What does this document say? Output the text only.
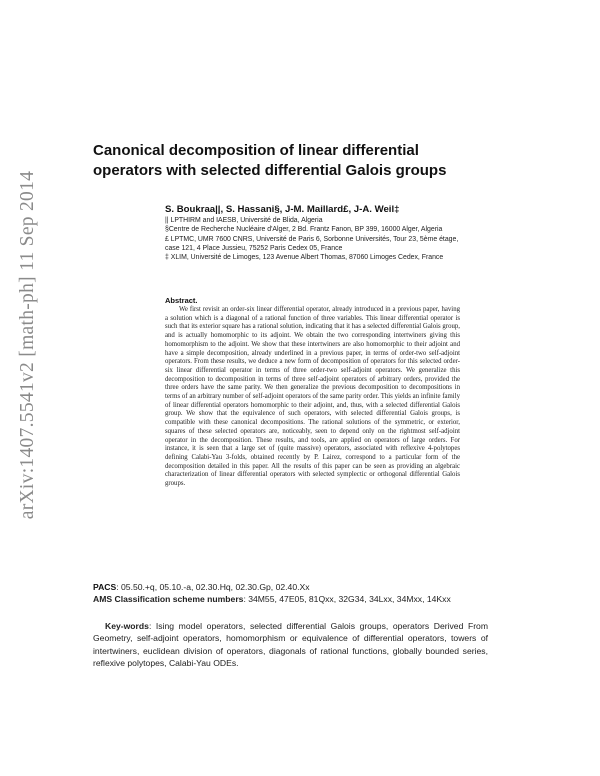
arXiv:1407.5541v2 [math-ph] 11 Sep 2014
Canonical decomposition of linear differential operators with selected differential Galois groups
S. Boukraa||, S. Hassani§, J-M. Maillard£, J-A. Weil‡

|| LPTHIRM and IAESB, Université de Blida, Algeria

§Centre de Recherche Nucléaire d'Alger, 2 Bd. Frantz Fanon, BP 399, 16000 Alger, Algeria

£ LPTMC, UMR 7600 CNRS, Université de Paris 6, Sorbonne Universités, Tour 23, 5ème étage, case 121, 4 Place Jussieu, 75252 Paris Cedex 05, France

‡ XLIM, Université de Limoges, 123 Avenue Albert Thomas, 87060 Limoges Cedex, France

Abstract.

We first revisit an order-six linear differential operator, already introduced in a previous paper, having a solution which is a diagonal of a rational function of three variables. This linear differential operator is such that its exterior square has a rational solution, indicating that it has a selected differential Galois group, and is actually homomorphic to its adjoint. We obtain the two corresponding intertwiners giving this homomorphism to the adjoint. We show that these intertwiners are also homomorphic to their adjoint and have a simple decomposition, already underlined in a previous paper, in terms of order-two self-adjoint operators. From these results, we deduce a new form of decomposition of operators for this selected order-six linear differential operator in terms of three order-two self-adjoint operators. We generalize this decomposition to decomposition in terms of three self-adjoint operators of arbitrary orders, provided the three orders have the same parity. We then generalize the previous decomposition to decompositions in terms of an arbitrary number of self-adjoint operators of the same parity order. This yields an infinite family of linear differential operators homomorphic to their adjoint, and, thus, with a selected differential Galois group. We show that the equivalence of such operators, with selected differential Galois groups, is compatible with these canonical decompositions. The rational solutions of the symmetric, or exterior, squares of these selected operators are, noticeably, seen to depend only on the rightmost self-adjoint operator in the decomposition. These results, and tools, are applied on operators of large orders. For instance, it is seen that a large set of (quite massive) operators, associated with reflexive 4-polytopes defining Calabi-Yau 3-folds, obtained recently by P. Lairez, correspond to a particular form of the decomposition detailed in this paper. All the results of this paper can be seen as providing an algebraic characterization of linear differential operators with selected symplectic or orthogonal differential Galois groups.

PACS: 05.50.+q, 05.10.-a, 02.30.Hq, 02.30.Gp, 02.40.Xx
AMS Classification scheme numbers: 34M55, 47E05, 81Qxx, 32G34, 34Lxx, 34Mxx, 14Kxx

Key-words: Ising model operators, selected differential Galois groups, operators Derived From Geometry, self-adjoint operators, homomorphism or equivalence of differential operators, towers of intertwiners, euclidean division of operators, diagonals of rational functions, globally bounded series, reflexive polytopes, Calabi-Yau ODEs.
